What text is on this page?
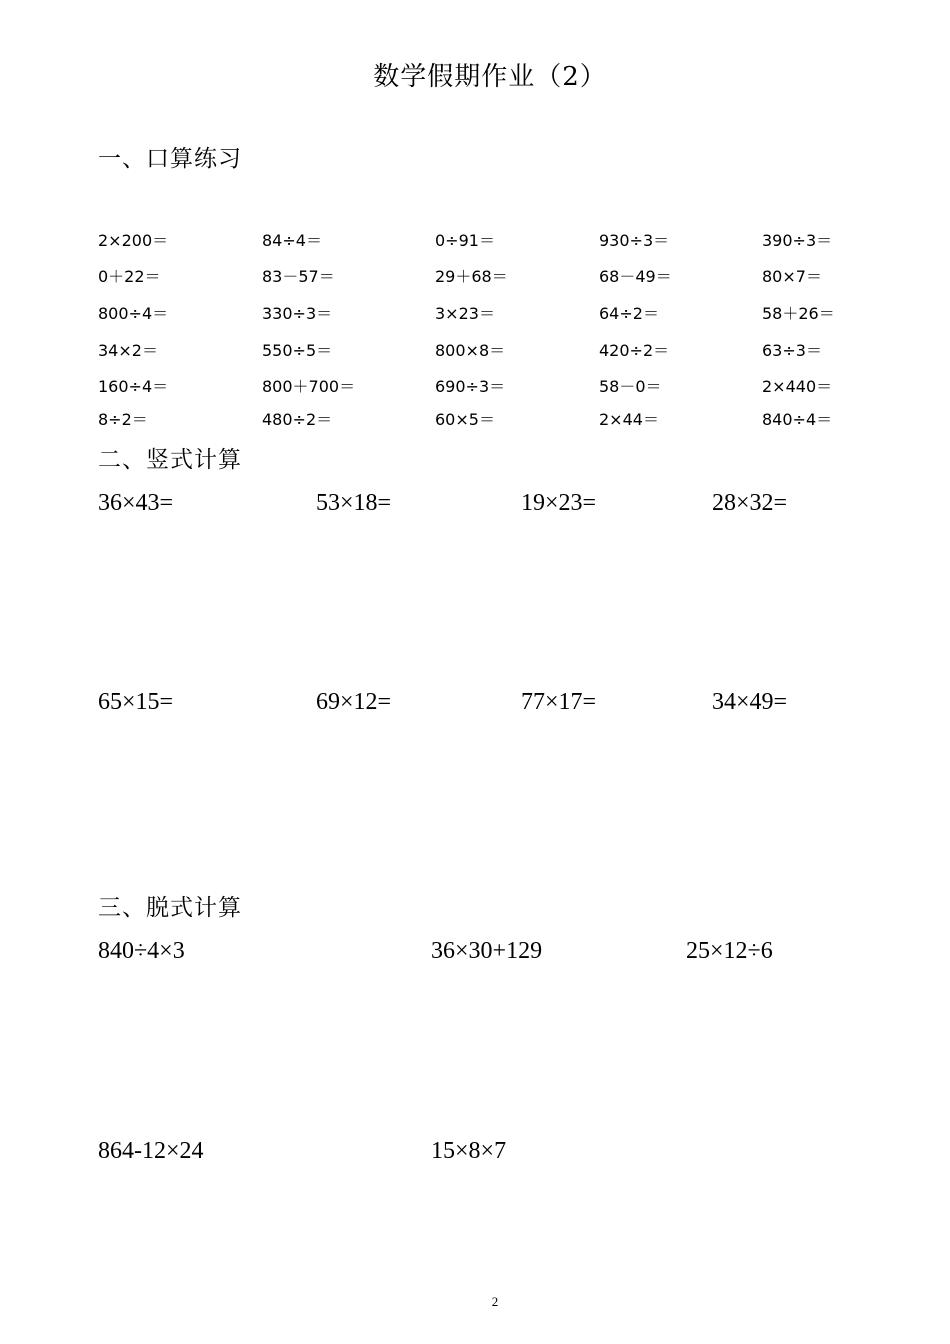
数学假期作业（2）
一、口算练习
2×200＝	84÷4＝	0÷91＝	930÷3＝	390÷3＝
0＋22＝	83－57＝	29＋68＝	68－49＝	80×7＝
800÷4＝	330÷3＝	3×23＝	64÷2＝	58＋26＝
34×2＝	550÷5＝	800×8＝	420÷2＝	63÷3＝
160÷4＝	800＋700＝	690÷3＝	58－0＝	2×440＝
8÷2＝	480÷2＝	60×5＝	2×44＝	840÷4＝
二、竖式计算
36×43=	53×18=	19×23=	28×32=
65×15=	69×12=	77×17=	34×49=
三、脱式计算
840÷4×3	36×30+129	25×12÷6
864-12×24	15×8×7
2
